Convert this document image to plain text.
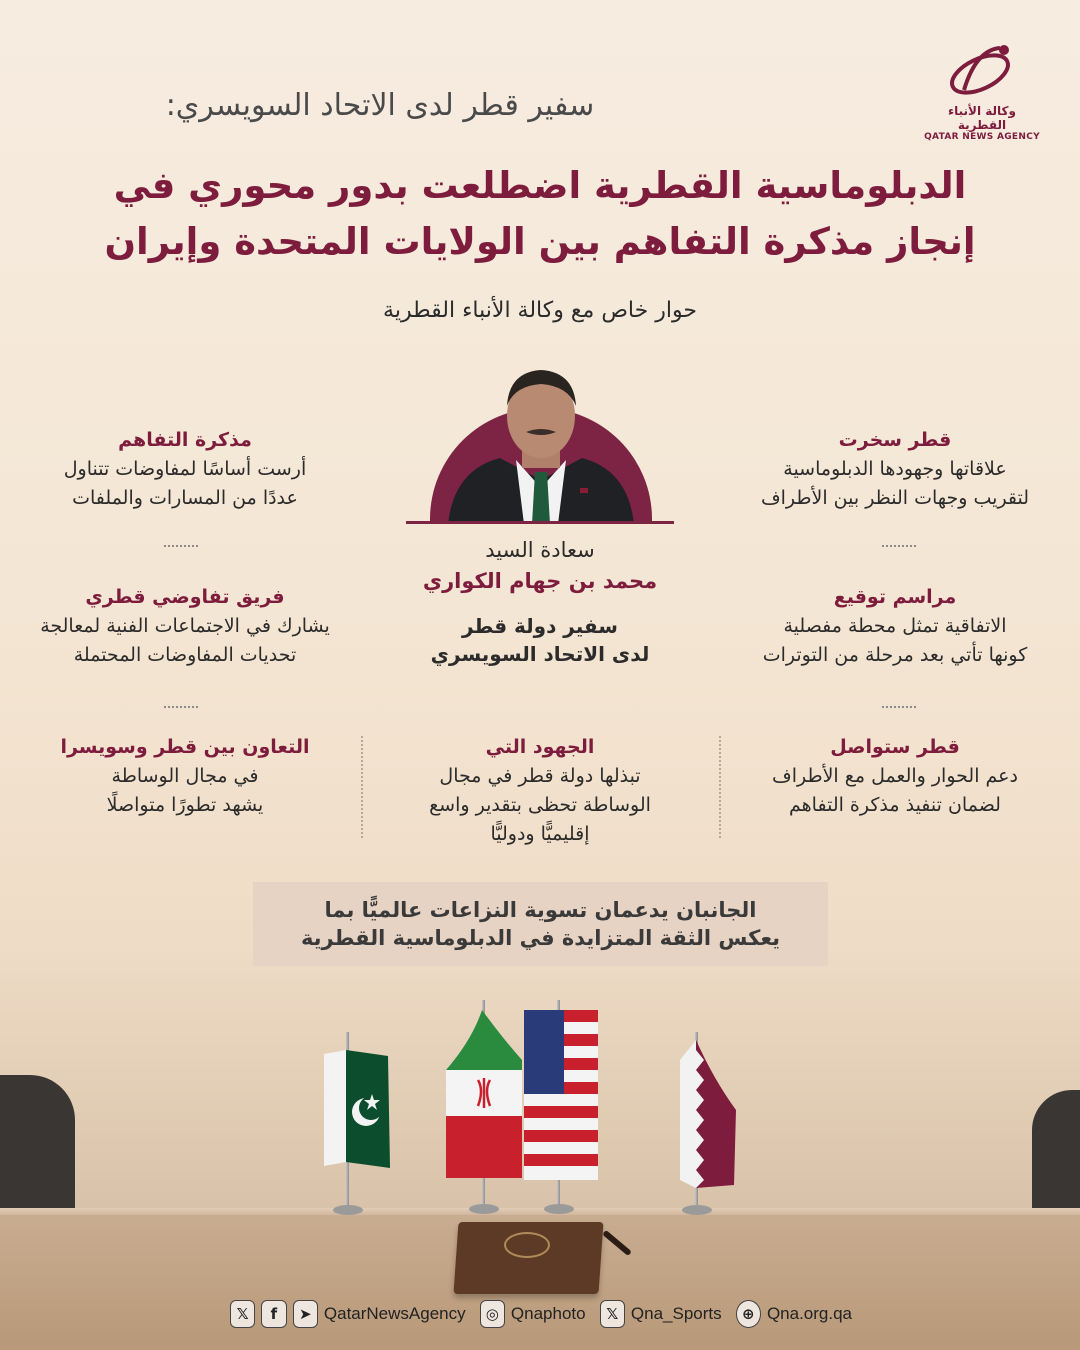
وكالة الأنباء القطرية
QATAR NEWS AGENCY
سفير قطر لدى الاتحاد السويسري:
الدبلوماسية القطرية اضطلعت بدور محوري في
إنجاز مذكرة التفاهم بين الولايات المتحدة وإيران
حوار خاص مع وكالة الأنباء القطرية
سعادة السيد
محمد بن جهام الكواري
سفير دولة قطر
لدى الاتحاد السويسري
قطر سخرت
علاقاتها وجهودها الدبلوماسية
لتقريب وجهات النظر بين الأطراف
مراسم توقيع
الاتفاقية تمثل محطة مفصلية
كونها تأتي بعد مرحلة من التوترات
قطر ستواصل
دعم الحوار والعمل مع الأطراف
لضمان تنفيذ مذكرة التفاهم
مذكرة التفاهم
أرست أساسًا لمفاوضات تتناول
عددًا من المسارات والملفات
فريق تفاوضي قطري
يشارك في الاجتماعات الفنية لمعالجة
تحديات المفاوضات المحتملة
التعاون بين قطر وسويسرا
في مجال الوساطة
يشهد تطورًا متواصلًا
الجهود التي
تبذلها دولة قطر في مجال
الوساطة تحظى بتقدير واسع
إقليميًّا ودوليًّا
الجانبان يدعمان تسوية النزاعات عالميًّا بما
يعكس الثقة المتزايدة في الدبلوماسية القطرية
𝕏	f	➤ QatarNewsAgency	◎ Qnaphoto	𝕏 Qna_Sports	⊕ Qna.org.qa
